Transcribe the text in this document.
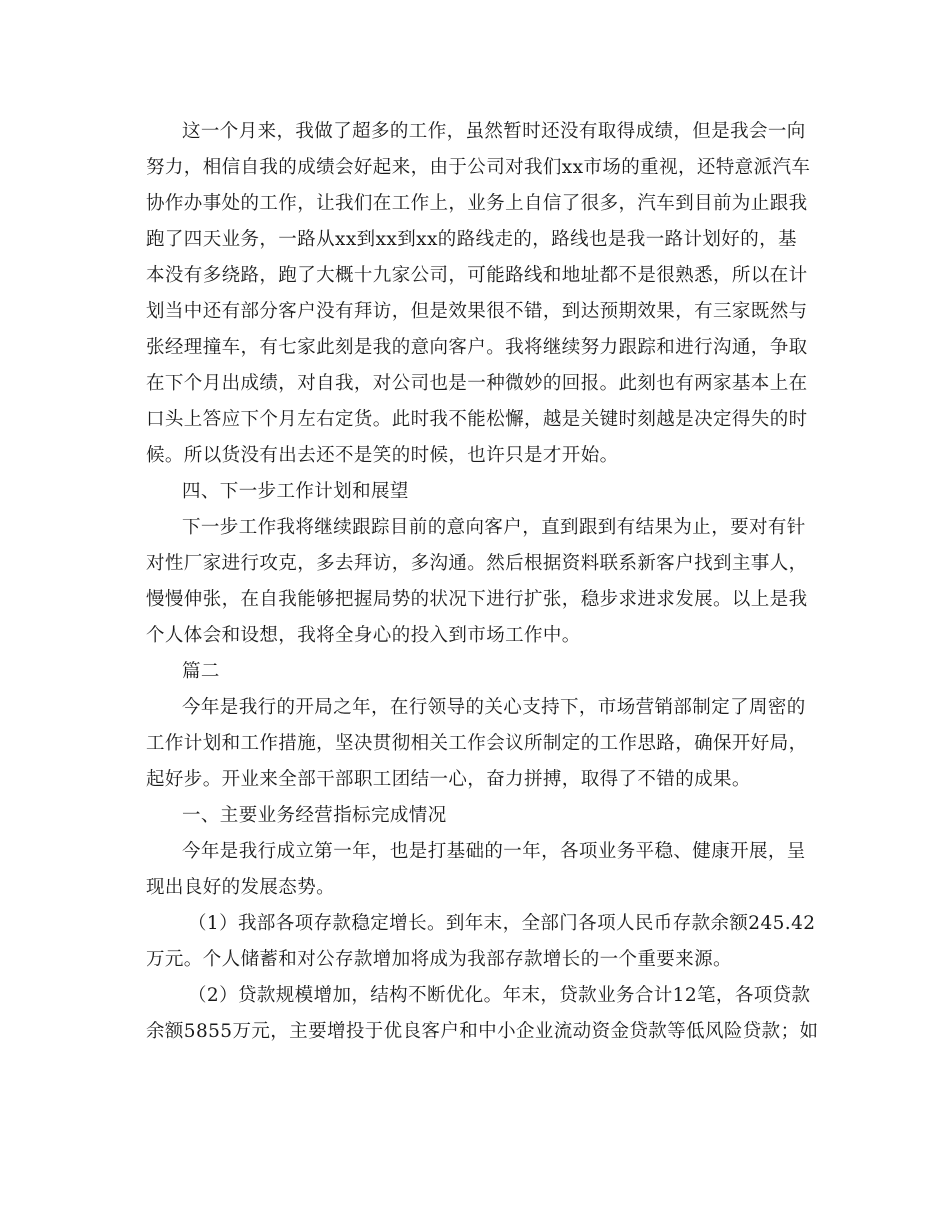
这一个月来，我做了超多的工作，虽然暂时还没有取得成绩，但是我会一向
努力，相信自我的成绩会好起来，由于公司对我们xx市场的重视，还特意派汽车
协作办事处的工作，让我们在工作上，业务上自信了很多，汽车到目前为止跟我
跑了四天业务，一路从xx到xx到xx的路线走的，路线也是我一路计划好的，基
本没有多绕路，跑了大概十九家公司，可能路线和地址都不是很熟悉，所以在计
划当中还有部分客户没有拜访，但是效果很不错，到达预期效果，有三家既然与
张经理撞车，有七家此刻是我的意向客户。我将继续努力跟踪和进行沟通，争取
在下个月出成绩，对自我，对公司也是一种微妙的回报。此刻也有两家基本上在
口头上答应下个月左右定货。此时我不能松懈，越是关键时刻越是决定得失的时
候。所以货没有出去还不是笑的时候，也许只是才开始。
四、下一步工作计划和展望
下一步工作我将继续跟踪目前的意向客户，直到跟到有结果为止，要对有针
对性厂家进行攻克，多去拜访，多沟通。然后根据资料联系新客户找到主事人，
慢慢伸张，在自我能够把握局势的状况下进行扩张，稳步求进求发展。以上是我
个人体会和设想，我将全身心的投入到市场工作中。
篇二
今年是我行的开局之年，在行领导的关心支持下，市场营销部制定了周密的
工作计划和工作措施，坚决贯彻相关工作会议所制定的工作思路，确保开好局，
起好步。开业来全部干部职工团结一心，奋力拼搏，取得了不错的成果。
一、主要业务经营指标完成情况
今年是我行成立第一年，也是打基础的一年，各项业务平稳、健康开展，呈
现出良好的发展态势。
（1）我部各项存款稳定增长。到年末，全部门各项人民币存款余额245.42
万元。个人储蓄和对公存款增加将成为我部存款增长的一个重要来源。
（2）贷款规模增加，结构不断优化。年末，贷款业务合计12笔，各项贷款
余额5855万元，主要增投于优良客户和中小企业流动资金贷款等低风险贷款；如
